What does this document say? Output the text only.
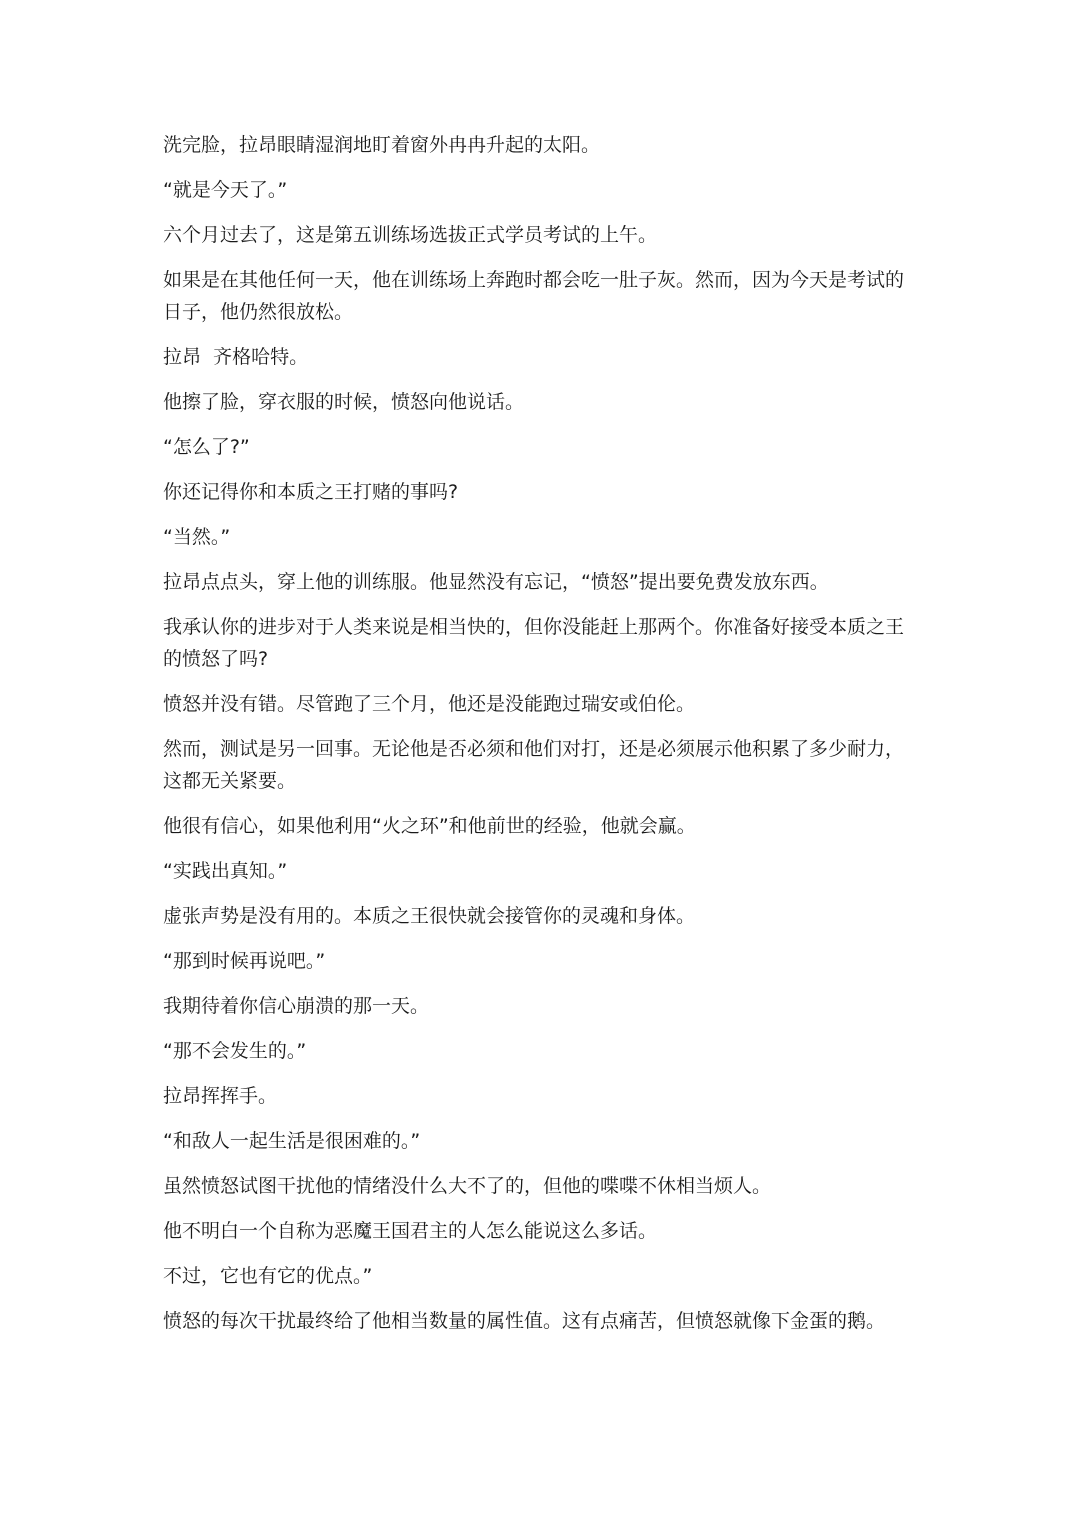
洗完脸，拉昂眼睛湿润地盯着窗外冉冉升起的太阳。

“就是今天了。”

六个月过去了，这是第五训练场选拔正式学员考试的上午。

如果是在其他任何一天，他在训练场上奔跑时都会吃一肚子灰。然而，因为今天是考试的日子，他仍然很放松。

拉昂  齐格哈特。

他擦了脸，穿衣服的时候，愤怒向他说话。

“怎么了?”

你还记得你和本质之王打赌的事吗?

“当然。”

拉昂点点头，穿上他的训练服。他显然没有忘记，“愤怒”提出要免费发放东西。

我承认你的进步对于人类来说是相当快的，但你没能赶上那两个。你准备好接受本质之王的愤怒了吗?

愤怒并没有错。尽管跑了三个月，他还是没能跑过瑞安或伯伦。

然而，测试是另一回事。无论他是否必须和他们对打，还是必须展示他积累了多少耐力，这都无关紧要。

他很有信心，如果他利用“火之环”和他前世的经验，他就会赢。

“实践出真知。”

虚张声势是没有用的。本质之王很快就会接管你的灵魂和身体。

“那到时候再说吧。”

我期待着你信心崩溃的那一天。

“那不会发生的。”

拉昂挥挥手。

“和敌人一起生活是很困难的。”

虽然愤怒试图干扰他的情绪没什么大不了的，但他的喋喋不休相当烦人。

他不明白一个自称为恶魔王国君主的人怎么能说这么多话。

不过，它也有它的优点。”

愤怒的每次干扰最终给了他相当数量的属性值。这有点痛苦，但愤怒就像下金蛋的鹅。
